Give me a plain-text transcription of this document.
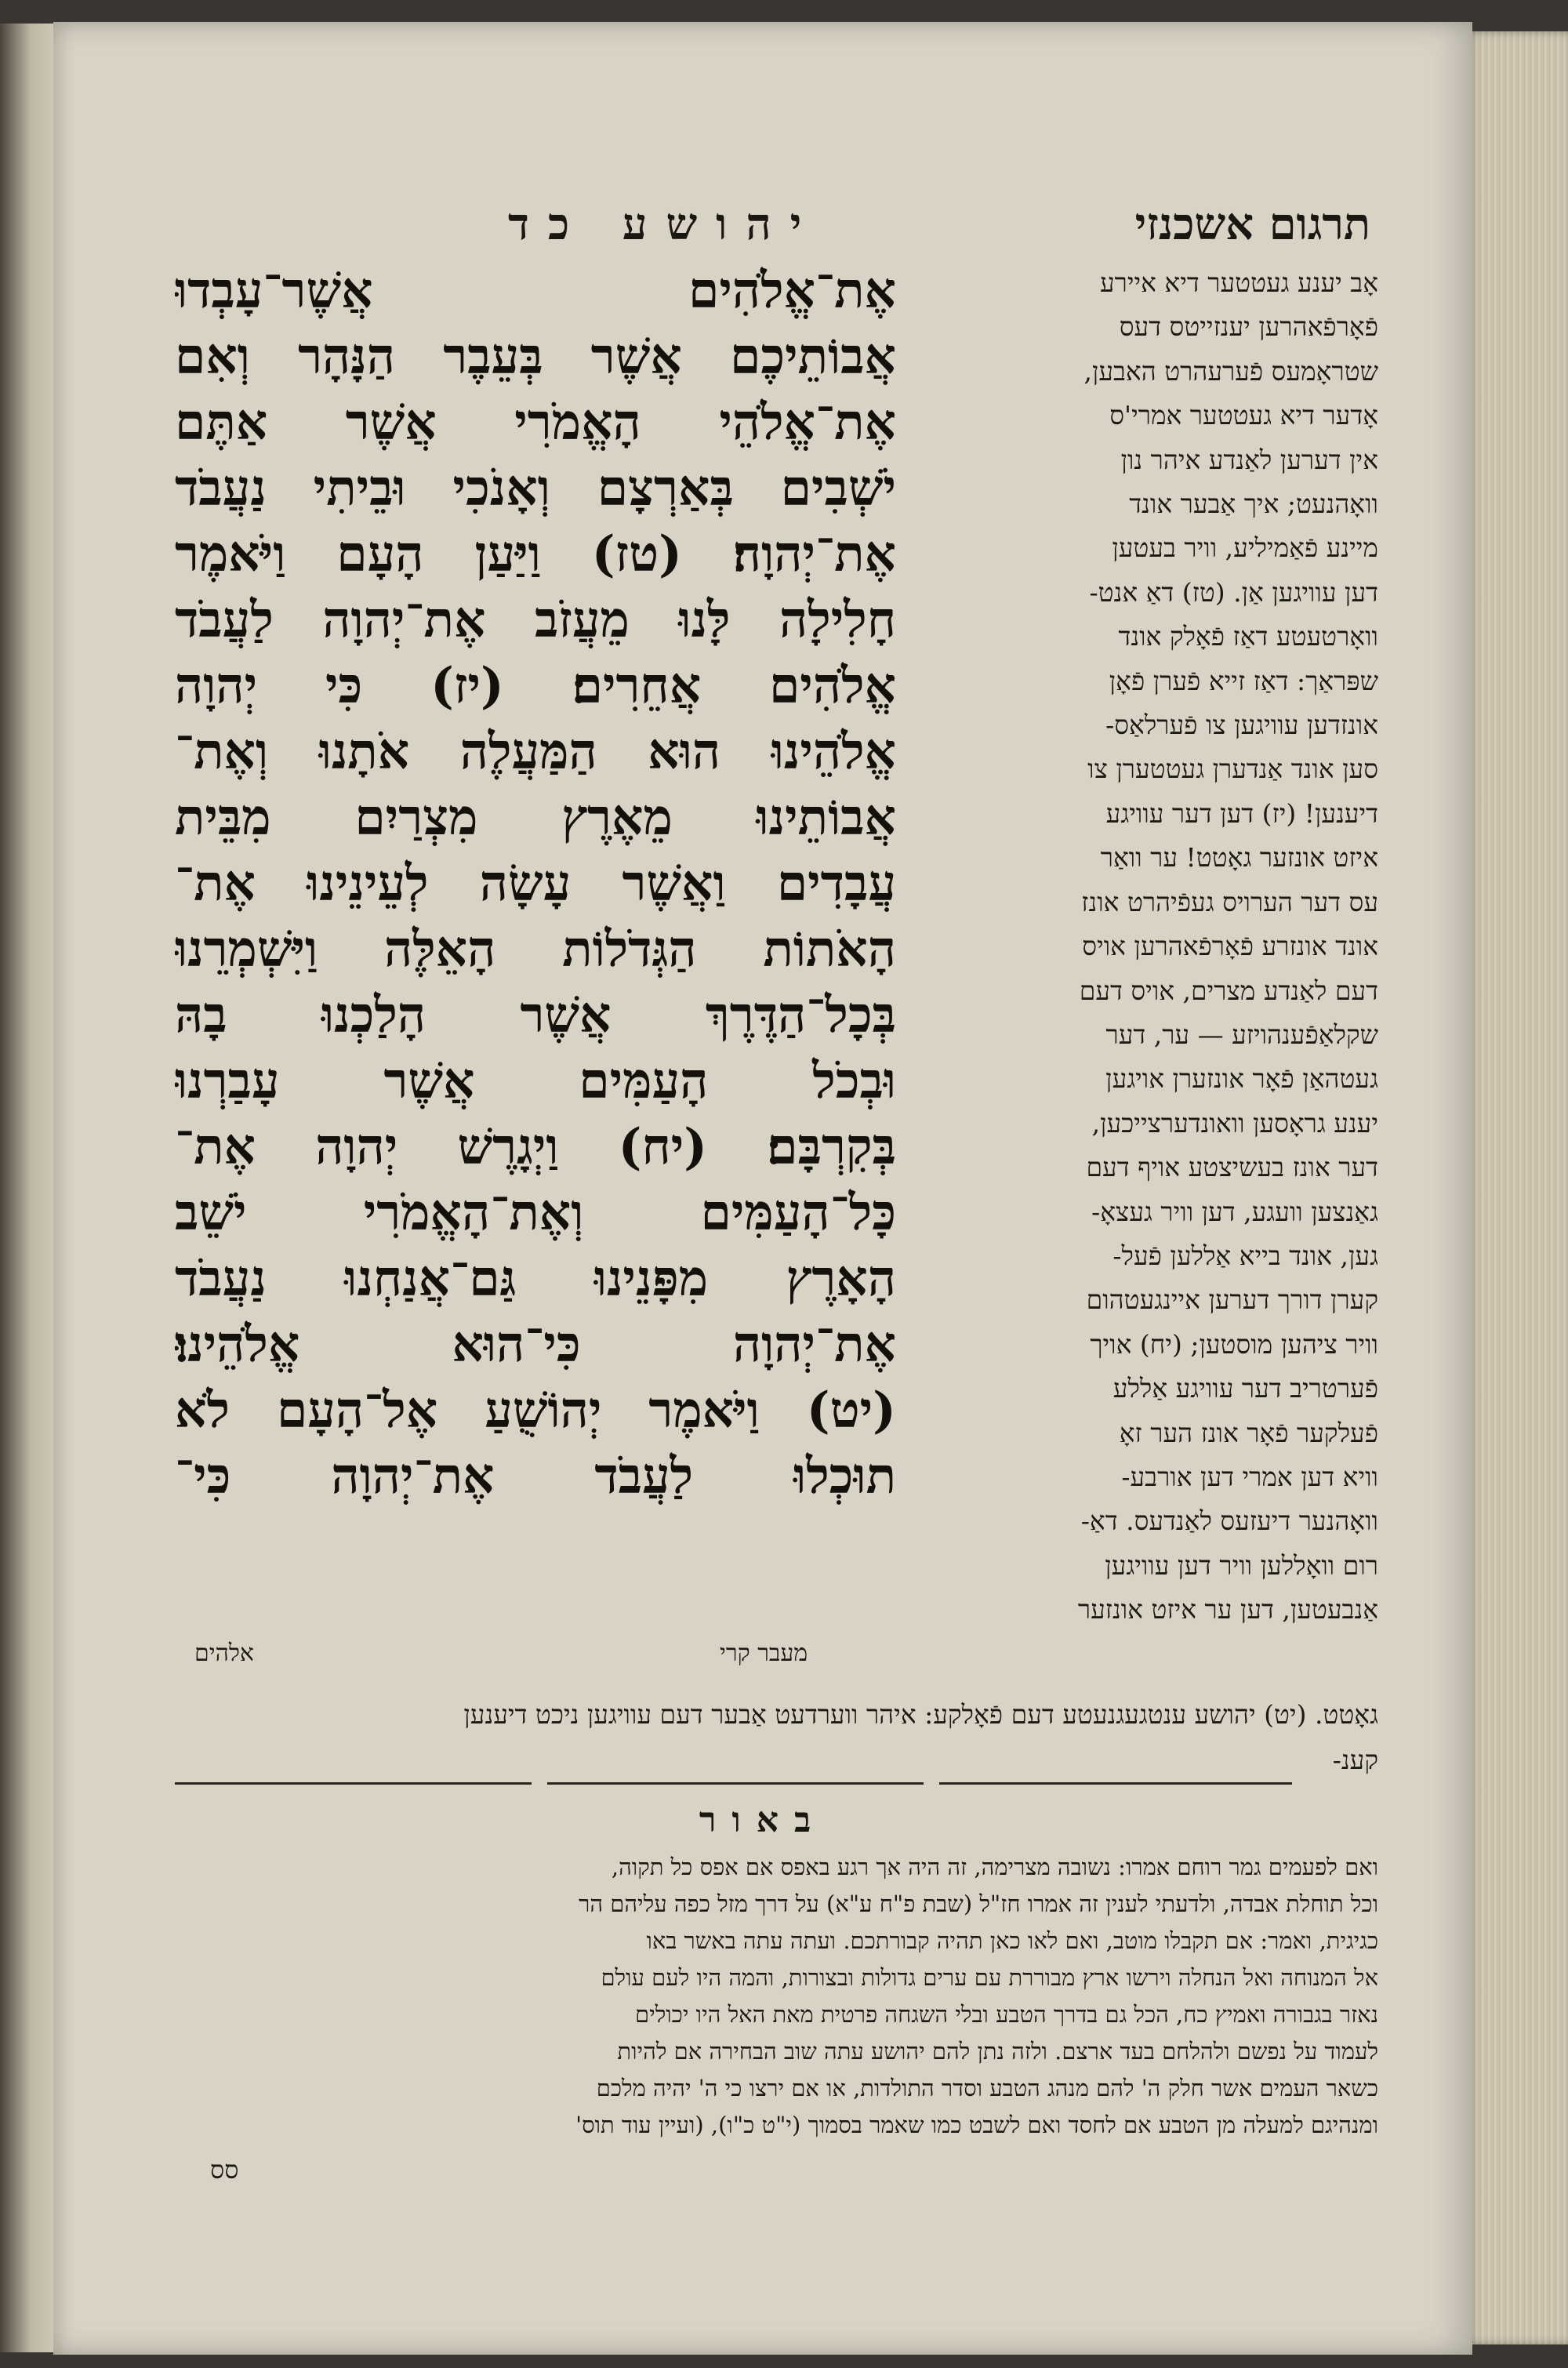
תרגום אשכנזי
יהושע כד
אֶת־אֱלֹהִים אֲשֶׁר־עָבְדוּ
אֲבוֹתֵיכֶם אֲשֶׁר בְּעֵבֶר הַנָּהָר וְאִם
אֶת־אֱלֹהֵי הָאֱמֹרִי אֲשֶׁר אַתֶּם
יֹשְׁבִים בְּאַרְצָם וְאָנֹכִי וּבֵיתִי נַעֲבֹד
אֶת־יְהוָה׃ (טז) וַיַּעַן הָעָם וַיֹּאמֶר
חָלִילָה לָּנוּ מֵעֲזֹב אֶת־יְהוָה לַעֲבֹד
אֱלֹהִים אֲחֵרִים׃ (יז) כִּי יְהוָה
אֱלֹהֵינוּ הוּא הַמַּעֲלֶה אֹתָנוּ וְאֶת־
אֲבוֹתֵינוּ מֵאֶרֶץ מִצְרַיִם מִבֵּית
עֲבָדִים וַאֲשֶׁר עָשָׂה לְעֵינֵינוּ אֶת־
הָאֹתוֹת הַגְּדֹלוֹת הָאֵלֶּה וַיִּשְׁמְרֵנוּ
בְּכָל־הַדֶּרֶךְ אֲשֶׁר הָלַכְנוּ בָהּ
וּבְכֹל הָעַמִּים אֲשֶׁר עָבַרְנוּ
בְּקִרְבָּם׃ (יח) וַיְגָרֶשׁ יְהוָה אֶת־
כָּל־הָעַמִּים וְאֶת־הָאֱמֹרִי יֹשֵׁב
הָאָרֶץ מִפָּנֵינוּ גַּם־אֲנַחְנוּ נַעֲבֹד
אֶת־יְהוָה כִּי־הוּא אֱלֹהֵינוּ׃
(יט) וַיֹּאמֶר יְהוֹשֻׁעַ אֶל־הָעָם לֹא
תוּכְלוּ לַעֲבֹד אֶת־יְהוָה כִּי־
אָב יענע געטטער דיא איירע
פֿאָרפֿאהרען יענזייטס דעס
שטראָמעס פֿערעהרט האבען,
אָדער דיא געטטער אמרי'ס
אין דערען לאַנדע איהר נון
וואָהנעט; איך אַבער אונד
מיינע פֿאַמיליע, וויר בעטען
דען עוויגען אַן. (טז) דאַ אנט-
וואָרטעטע דאַז פֿאָלק אונד
שפּראַך: דאַז זייא פֿערן פֿאָן
אונזדען עוויגען צו פֿערלאַס-
סען אונד אַנדערן געטטערן צו
דיענען! (יז) דען דער עוויגע
איזט אונזער גאָטט! ער וואַר
עס דער הערויס געפֿיהרט אונז
אונד אונזרע פֿאָרפֿאהרען אויס
דעם לאַנדע מצרים, אויס דעם
שקלאַפֿענהויזע — ער, דער
געטהאַן פֿאָר אונזערן אויגען
יענע גראָסען וואונדערצייכען,
דער אונז בעשיצטע אויף דעם
גאַנצען וועגע, דען וויר געצאָ-
גען, אונד בייא אַללען פֿעל-
קערן דורך דערען איינגעטהום
וויר ציהען מוסטען; (יח) אויך
פֿערטריב דער עוויגע אַללע
פֿעלקער פֿאָר אונז הער זאָ
וויא דען אמרי דען אורבע-
וואָהנער דיעזעס לאַנדעס. דאַ-
רום וואָללען וויר דען עוויגען
אַנבעטען, דען ער איזט אונזער
אלהים	מעבר קרי
גאָטט. (יט) יהושע ענטגעגנעטע דעם פֿאָלקע: איהר ווערדעט אַבער דעם עוויגען ניכט דיענען
קענ-
באור
ואם לפעמים גמר רוחם אמרו: נשובה מצרימה, זה היה אך רגע באפס אם אפס כל תקוה,
וכל תוחלת אבדה, ולדעתי לענין זה אמרו חז"ל (שבת פ"ח ע"א) על דרך מזל כפה עליהם הר
כגיגית, ואמר: אם תקבלו מוטב, ואם לאו כאן תהיה קבורתכם. ועתה עתה באשר באו
אל המנוחה ואל הנחלה וירשו ארץ מבוררת עם ערים גדולות ובצורות, והמה היו לעם עולם
נאזר בגבורה ואמיץ כח, הכל גם בדרך הטבע ובלי השגחה פרטית מאת האל היו יכולים
לעמוד על נפשם ולהלחם בעד ארצם. ולזה נתן להם יהושע עתה שוב הבחירה אם להיות
כשאר העמים אשר חלק ה' להם מנהג הטבע וסדר התולדות, או אם ירצו כי ה' יהיה מלכם
ומנהיגם למעלה מן הטבע אם לחסד ואם לשבט כמו שאמר בסמוך (י"ט כ"ו), (ועיין עוד תוס'
סס
